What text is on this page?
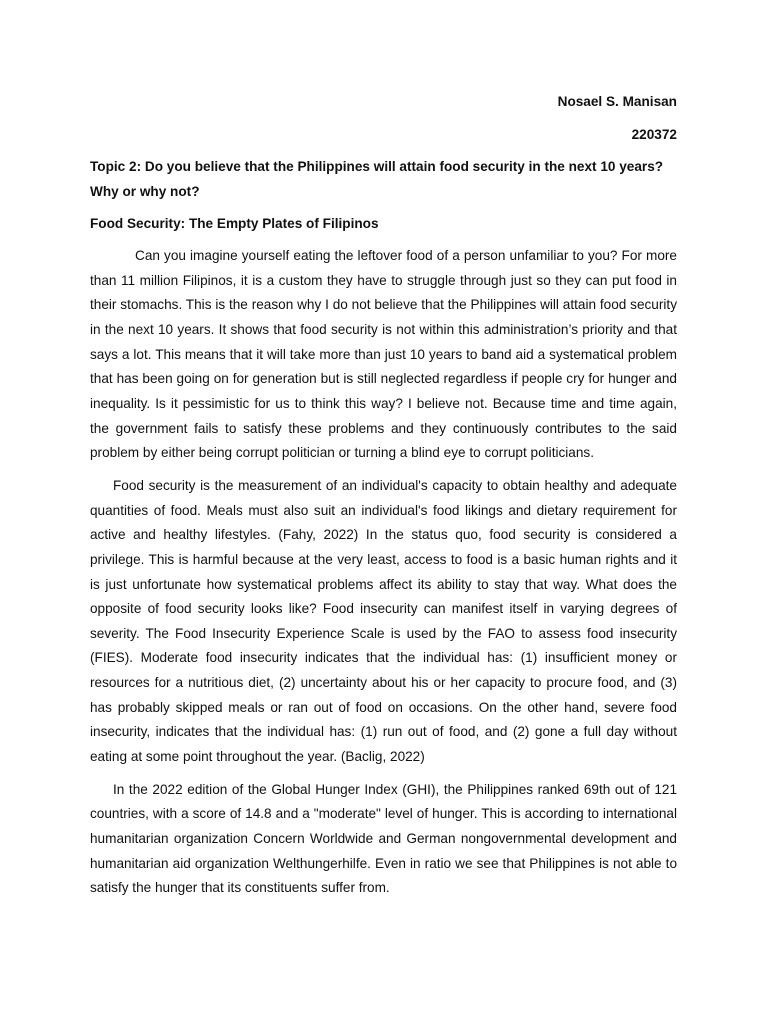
Nosael S. Manisan
220372
Topic 2: Do you believe that the Philippines will attain food security in the next 10 years? Why or why not?
Food Security: The Empty Plates of Filipinos

Can you imagine yourself eating the leftover food of a person unfamiliar to you? For more than 11 million Filipinos, it is a custom they have to struggle through just so they can put food in their stomachs. This is the reason why I do not believe that the Philippines will attain food security in the next 10 years. It shows that food security is not within this administration’s priority and that says a lot. This means that it will take more than just 10 years to band aid a systematical problem that has been going on for generation but is still neglected regardless if people cry for hunger and inequality. Is it pessimistic for us to think this way? I believe not. Because time and time again, the government fails to satisfy these problems and they continuously contributes to the said problem by either being corrupt politician or turning a blind eye to corrupt politicians.

Food security is the measurement of an individual's capacity to obtain healthy and adequate quantities of food. Meals must also suit an individual's food likings and dietary requirement for active and healthy lifestyles. (Fahy, 2022) In the status quo, food security is considered a privilege. This is harmful because at the very least, access to food is a basic human rights and it is just unfortunate how systematical problems affect its ability to stay that way. What does the opposite of food security looks like? Food insecurity can manifest itself in varying degrees of severity. The Food Insecurity Experience Scale is used by the FAO to assess food insecurity (FIES). Moderate food insecurity indicates that the individual has: (1) insufficient money or resources for a nutritious diet, (2) uncertainty about his or her capacity to procure food, and (3) has probably skipped meals or ran out of food on occasions. On the other hand, severe food insecurity, indicates that the individual has: (1) run out of food, and (2) gone a full day without eating at some point throughout the year. (Baclig, 2022)

In the 2022 edition of the Global Hunger Index (GHI), the Philippines ranked 69th out of 121 countries, with a score of 14.8 and a "moderate" level of hunger. This is according to international humanitarian organization Concern Worldwide and German nongovernmental development and humanitarian aid organization Welthungerhilfe. Even in ratio we see that Philippines is not able to satisfy the hunger that its constituents suffer from.
